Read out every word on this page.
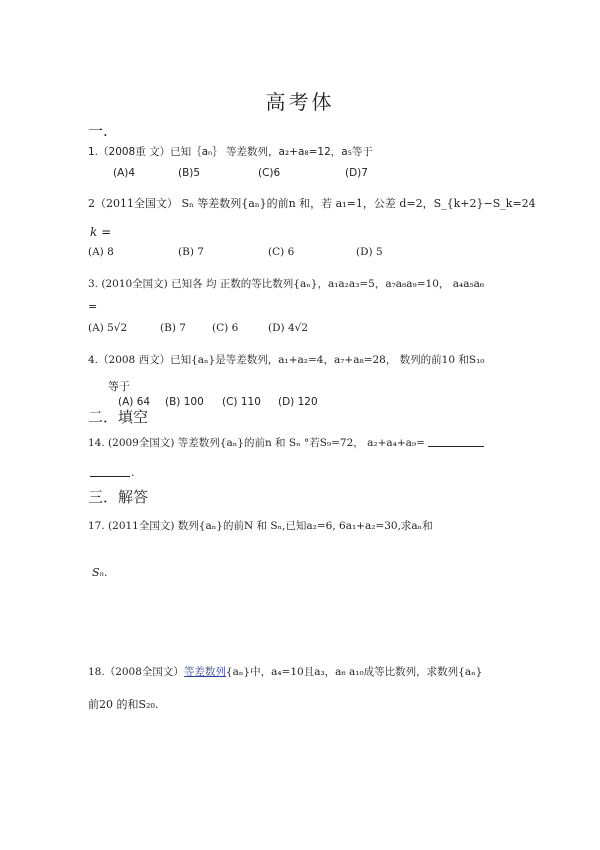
高考体
一.
1.（2008重 文）已知｛aₙ｝ 等差数列，a₂+a₈=12，a₅等于
(A)4	(B)5	(C)6	(D)7
2（2011全国文） Sₙ 等差数列{aₙ}的前n 和，若 a₁=1，公差 d=2，S_{k+2}−S_k=24
k =
(A) 8	(B) 7	(C) 6	(D) 5
3. (2010全国文) 已知各 均 正数的等比数列{aₙ}，a₁a₂a₃=5，a₇a₈a₉=10， a₄a₅a₆
=
(A) 5√2	(B) 7 (C) 6	(D) 4√2
4.（2008 西文）已知{aₙ}是等差数列，a₁+a₂=4，a₇+a₈=28， 数列的前10 和S₁₀
等于
(A) 64 (B) 100 (C) 110 (D) 120
二．填空
14. (2009全国文) 等差数列{aₙ}的前n 和 Sₙ °若S₉=72， a₂+a₄+a₉=
.
三．解答
17. (2011全国文) 数列{aₙ}的前N 和 Sₙ,已知a₂=6, 6a₁+a₂=30,求aₙ和
Sₙ.
18.（2008全国文）等差数列{aₙ}中，a₄=10且a₃，a₆ a₁₀成等比数列，求数列{aₙ}
前20 的和S₂₀.
